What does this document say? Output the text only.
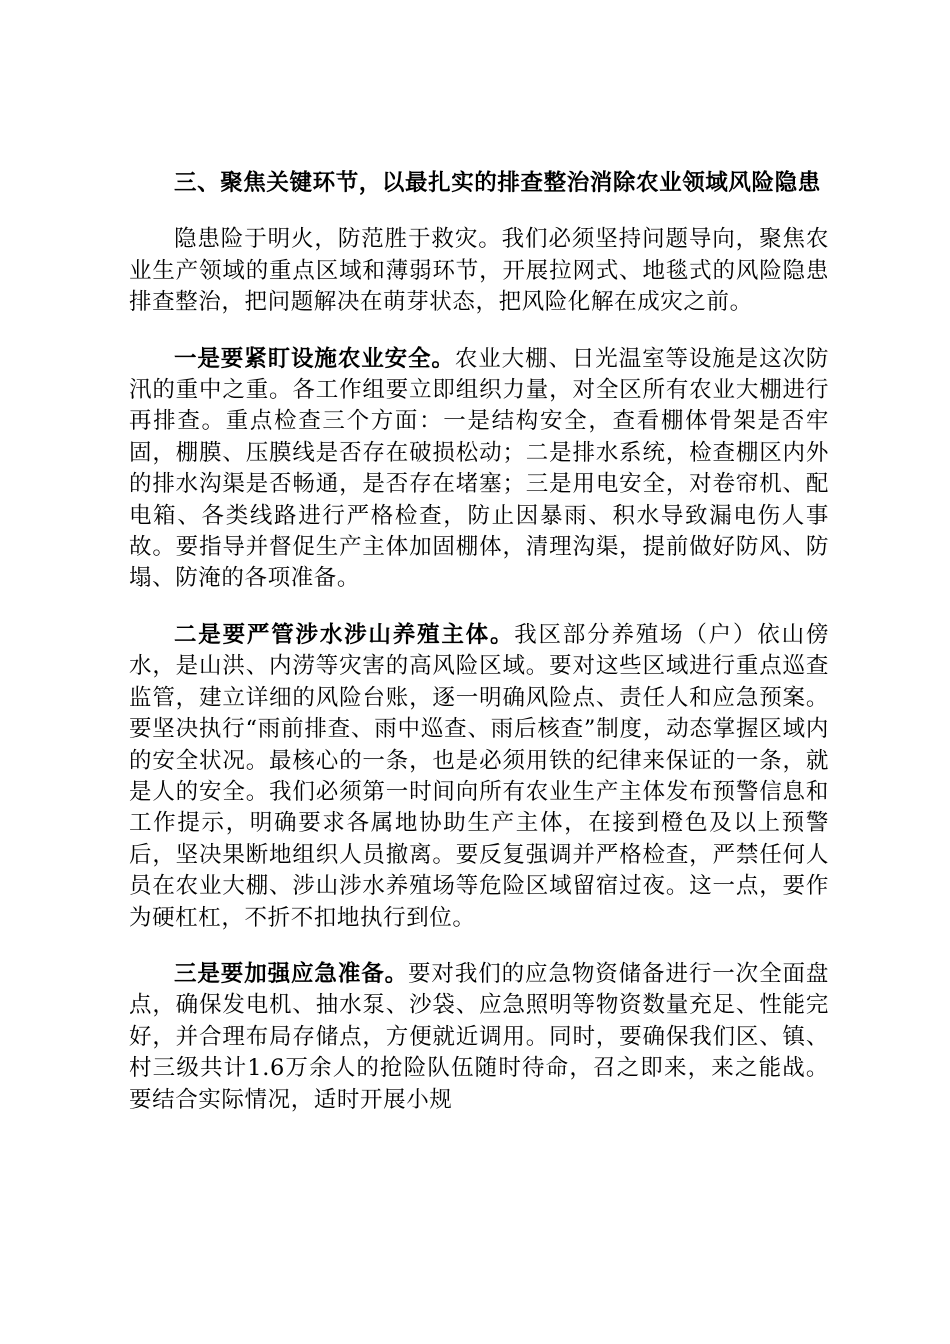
三、聚焦关键环节，以最扎实的排查整治消除农业领域风险隐患

隐患险于明火，防范胜于救灾。我们必须坚持问题导向，聚焦农业生产领域的重点区域和薄弱环节，开展拉网式、地毯式的风险隐患排查整治，把问题解决在萌芽状态，把风险化解在成灾之前。

一是要紧盯设施农业安全。农业大棚、日光温室等设施是这次防汛的重中之重。各工作组要立即组织力量，对全区所有农业大棚进行再排查。重点检查三个方面：一是结构安全，查看棚体骨架是否牢固，棚膜、压膜线是否存在破损松动；二是排水系统，检查棚区内外的排水沟渠是否畅通，是否存在堵塞；三是用电安全，对卷帘机、配电箱、各类线路进行严格检查，防止因暴雨、积水导致漏电伤人事故。要指导并督促生产主体加固棚体，清理沟渠，提前做好防风、防塌、防淹的各项准备。

二是要严管涉水涉山养殖主体。我区部分养殖场（户）依山傍水，是山洪、内涝等灾害的高风险区域。要对这些区域进行重点巡查监管，建立详细的风险台账，逐一明确风险点、责任人和应急预案。要坚决执行“雨前排查、雨中巡查、雨后核查”制度，动态掌握区域内的安全状况。最核心的一条，也是必须用铁的纪律来保证的一条，就是人的安全。我们必须第一时间向所有农业生产主体发布预警信息和工作提示，明确要求各属地协助生产主体，在接到橙色及以上预警后，坚决果断地组织人员撤离。要反复强调并严格检查，严禁任何人员在农业大棚、涉山涉水养殖场等危险区域留宿过夜。这一点，要作为硬杠杠，不折不扣地执行到位。

三是要加强应急准备。要对我们的应急物资储备进行一次全面盘点，确保发电机、抽水泵、沙袋、应急照明等物资数量充足、性能完好，并合理布局存储点，方便就近调用。同时，要确保我们区、镇、村三级共计1.6万余人的抢险队伍随时待命，召之即来，来之能战。要结合实际情况，适时开展小规
